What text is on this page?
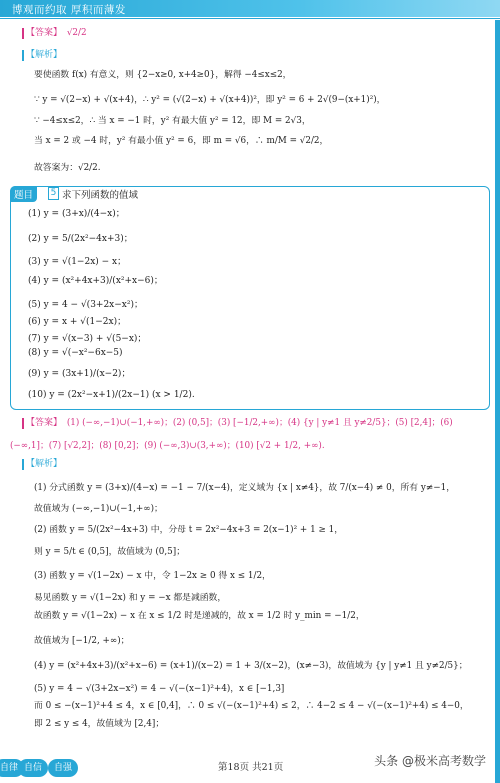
博观而约取 厚积而薄发
【答案】 √2/2
【解析】
要使函数 f(x) 有意义，则 {2−x≥0, x+4≥0}，解得 −4≤x≤2，
∵ y = √(2−x) + √(x+4)，∴ y² = (√(2−x) + √(x+4))²，即 y² = 6 + 2√(9−(x+1)²)，
∵ −4≤x≤2，∴ 当 x = −1 时，y² 有最大值 y² = 12，即 M = 2√3，
当 x = 2 或 −4 时，y² 有最小值 y² = 6，即 m = √6，∴ m/M = √2/2，
故答案为：√2/2.
题目	5 求下列函数的值域
(1) y = (3+x)/(4−x)；
(2) y = 5/(2x²−4x+3)；
(3) y = √(1−2x) − x；
(4) y = (x²+4x+3)/(x²+x−6)；
(5) y = 4 − √(3+2x−x²)；
(6) y = x + √(1−2x)；
(7) y = √(x−3) + √(5−x)；
(8) y = √(−x²−6x−5)
(9) y = (3x+1)/(x−2)；
(10) y = (2x²−x+1)/(2x−1) (x > 1/2).
【答案】 (1) (−∞,−1)∪(−1,+∞)；(2) (0,5]；(3) [−1/2,+∞)；(4) {y | y≠1 且 y≠2/5}；(5) [2,4]；(6)
(−∞,1]；(7) [√2,2]；(8) [0,2]；(9) (−∞,3)∪(3,+∞)；(10) [√2 + 1/2, +∞).
【解析】
(1) 分式函数 y = (3+x)/(4−x) = −1 − 7/(x−4)，定义域为 {x | x≠4}，故 7/(x−4) ≠ 0，所有 y≠−1，
故值域为 (−∞,−1)∪(−1,+∞)；
(2) 函数 y = 5/(2x²−4x+3) 中，分母 t = 2x²−4x+3 = 2(x−1)² + 1 ≥ 1，
则 y = 5/t ∈ (0,5]，故值域为 (0,5]；
(3) 函数 y = √(1−2x) − x 中，令 1−2x ≥ 0 得 x ≤ 1/2，
易见函数 y = √(1−2x) 和 y = −x 都是减函数，
故函数 y = √(1−2x) − x 在 x ≤ 1/2 时是递减的，故 x = 1/2 时 y_min = −1/2，
故值域为 [−1/2, +∞)；
(4) y = (x²+4x+3)/(x²+x−6) = (x+1)/(x−2) = 1 + 3/(x−2)，(x≠−3)，故值域为 {y | y≠1 且 y≠2/5}；
(5) y = 4 − √(3+2x−x²) = 4 − √(−(x−1)²+4)，x ∈ [−1,3]
而 0 ≤ −(x−1)²+4 ≤ 4，x ∈ [0,4]，∴ 0 ≤ √(−(x−1)²+4) ≤ 2，∴ 4−2 ≤ 4 − √(−(x−1)²+4) ≤ 4−0，
即 2 ≤ y ≤ 4，故值域为 [2,4]；
自律 自信	自强	第18页 共21页	头条 @极米高考数学
